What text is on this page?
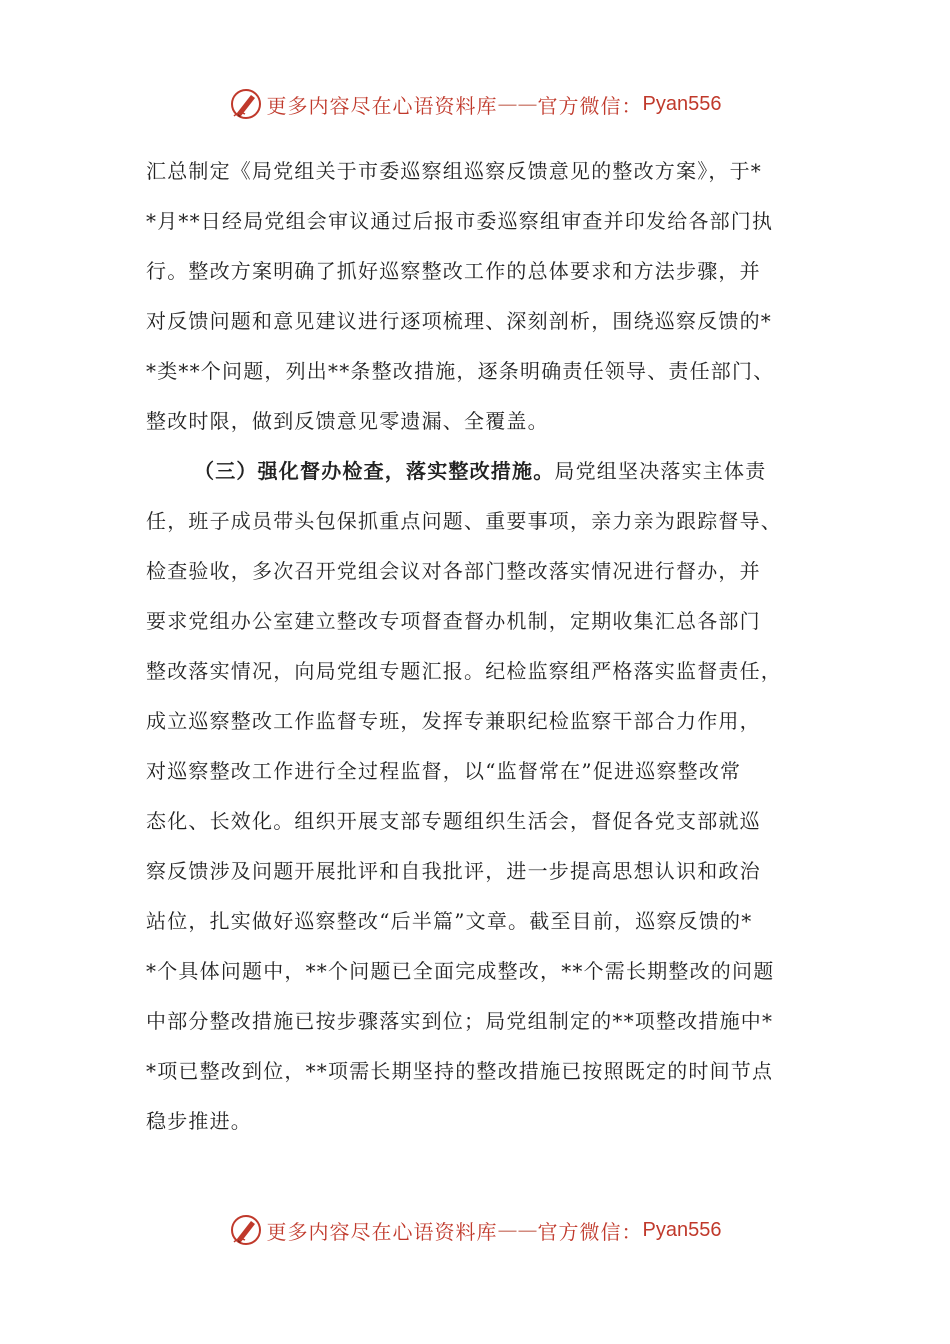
更多内容尽在心语资料库 —— 官方微信： Pyan556
汇总制定《局党组关于市委巡察组巡察反馈意见的整改方案》，于*
*月**日经局党组会审议通过后报市委巡察组审查并印发给各部门执
行。整改方案明确了抓好巡察整改工作的总体要求和方法步骤，并
对反馈问题和意见建议进行逐项梳理、深刻剖析，围绕巡察反馈的*
*类**个问题，列出**条整改措施，逐条明确责任领导、责任部门、
整改时限，做到反馈意见零遗漏、全覆盖。
（三）强化督办检查，落实整改措施。 局党组坚决落实主体责
任，班子成员带头包保抓重点问题、重要事项，亲力亲为跟踪督导、
检查验收，多次召开党组会议对各部门整改落实情况进行督办，并
要求党组办公室建立整改专项督查督办机制，定期收集汇总各部门
整改落实情况，向局党组专题汇报。纪检监察组严格落实监督责任，
成立巡察整改工作监督专班，发挥专兼职纪检监察干部合力作用，
对巡察整改工作进行全过程监督，以“监督常在”促进巡察整改常
态化、长效化。组织开展支部专题组织生活会，督促各党支部就巡
察反馈涉及问题开展批评和自我批评，进一步提高思想认识和政治
站位，扎实做好巡察整改“后半篇”文章。截至目前，巡察反馈的*
*个具体问题中，**个问题已全面完成整改，**个需长期整改的问题
中部分整改措施已按步骤落实到位；局党组制定的**项整改措施中*
*项已整改到位，**项需长期坚持的整改措施已按照既定的时间节点
稳步推进。
更多内容尽在心语资料库 —— 官方微信： Pyan556
